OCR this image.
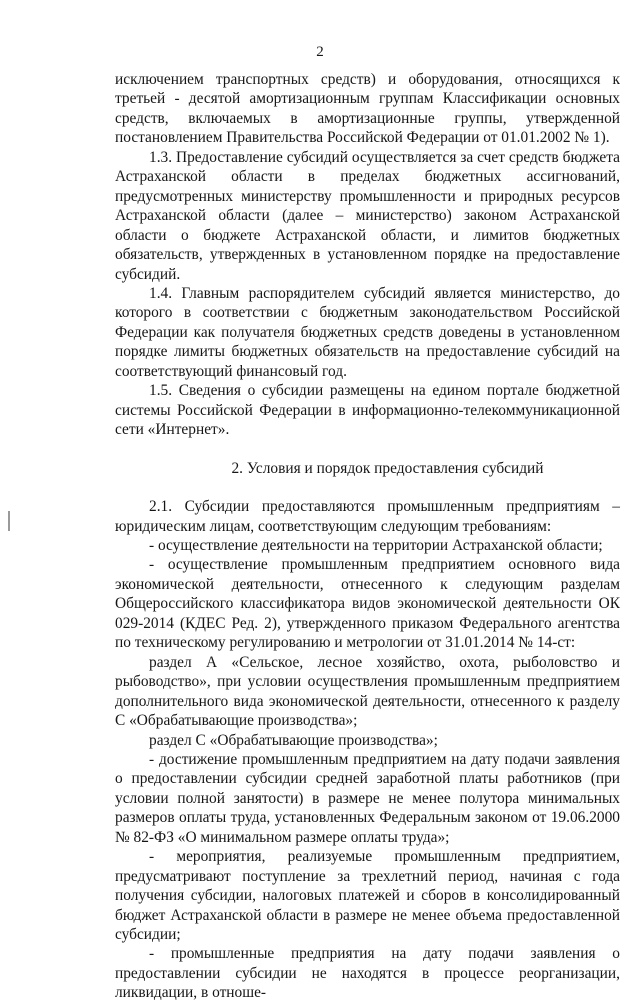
2

исключением транспортных средств) и оборудования, относящихся к третьей - десятой амортизационным группам Классификации основных средств, включаемых в амортизационные группы, утвержденной постановлением Правительства Российской Федерации от 01.01.2002 № 1).

1.3. Предоставление субсидий осуществляется за счет средств бюджета Астраханской области в пределах бюджетных ассигнований, предусмотренных министерству промышленности и природных ресурсов Астраханской области (далее – министерство) законом Астраханской области о бюджете Астраханской области, и лимитов бюджетных обязательств, утвержденных в установленном порядке на предоставление субсидий.

1.4. Главным распорядителем субсидий является министерство, до которого в соответствии с бюджетным законодательством Российской Федерации как получателя бюджетных средств доведены в установленном порядке лимиты бюджетных обязательств на предоставление субсидий на соответствующий финансовый год.

1.5. Сведения о субсидии размещены на едином портале бюджетной системы Российской Федерации в информационно-телекоммуникационной сети «Интернет».

2. Условия и порядок предоставления субсидий

2.1. Субсидии предоставляются промышленным предприятиям – юридическим лицам, соответствующим следующим требованиям:

- осуществление деятельности на территории Астраханской области;

- осуществление промышленным предприятием основного вида экономической деятельности, отнесенного к следующим разделам Общероссийского классификатора видов экономической деятельности ОК 029-2014 (КДЕС Ред. 2), утвержденного приказом Федерального агентства по техническому регулированию и метрологии от 31.01.2014 № 14-ст:

раздел А «Сельское, лесное хозяйство, охота, рыболовство и рыбоводство», при условии осуществления промышленным предприятием дополнительного вида экономической деятельности, отнесенного к разделу С «Обрабатывающие производства»;

раздел С «Обрабатывающие производства»;

- достижение промышленным предприятием на дату подачи заявления о предоставлении субсидии средней заработной платы работников (при условии полной занятости) в размере не менее полутора минимальных размеров оплаты труда, установленных Федеральным законом от 19.06.2000 № 82-ФЗ «О минимальном размере оплаты труда»;

- мероприятия, реализуемые промышленным предприятием, предусматривают поступление за трехлетний период, начиная с года получения субсидии, налоговых платежей и сборов в консолидированный бюджет Астраханской области в размере не менее объема предоставленной субсидии;

- промышленные предприятия на дату подачи заявления о предоставлении субсидии не находятся в процессе реорганизации, ликвидации, в отноше-
